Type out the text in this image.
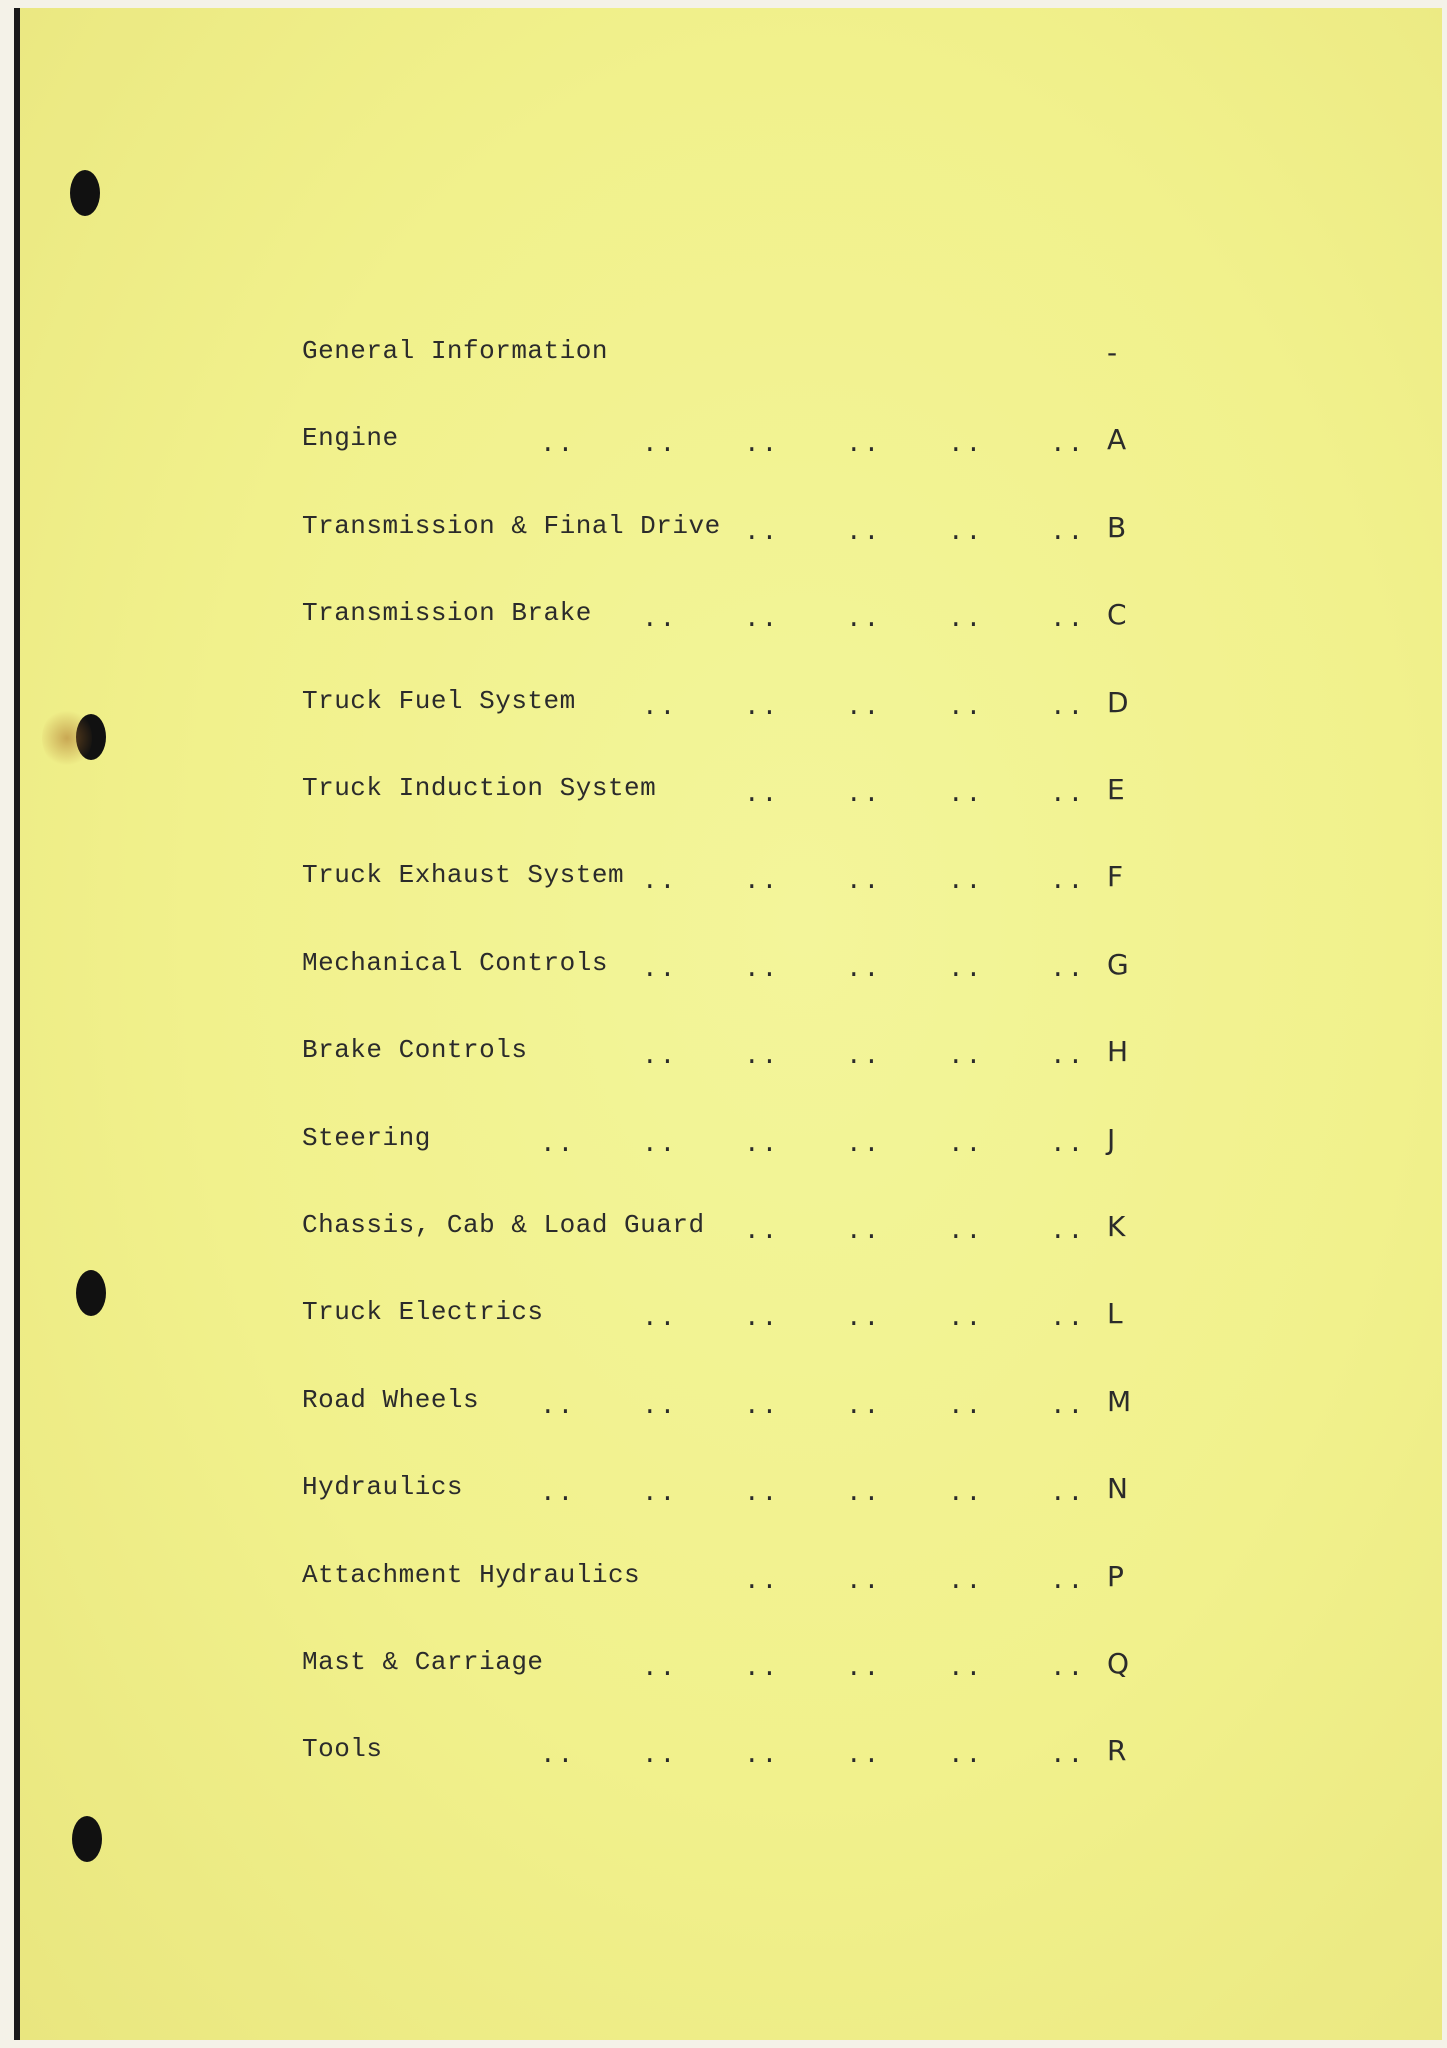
General Information	-
Engine	..	..	..	..	..	.. A
Transmission & Final Drive ..	..	..	.. B
Transmission Brake ..	..	..	..	.. C
Truck Fuel System	..	..	..	..	.. D
Truck Induction System	..	..	..	.. E
Truck Exhaust System ..	..	..	..	.. F
Mechanical Controls ..	..	..	..	.. G
Brake Controls	..	..	..	..	.. H
Steering	..	..	..	..	..	.. J
Chassis, Cab & Load Guard ..	..	..	.. K
Truck Electrics	..	..	..	..	.. L
Road Wheels ..	..	..	..	..	.. M
Hydraulics	..	..	..	..	..	.. N
Attachment Hydraulics	..	..	..	.. P
Mast & Carriage	..	..	..	..	.. Q
Tools	..	..	..	..	..	.. R
